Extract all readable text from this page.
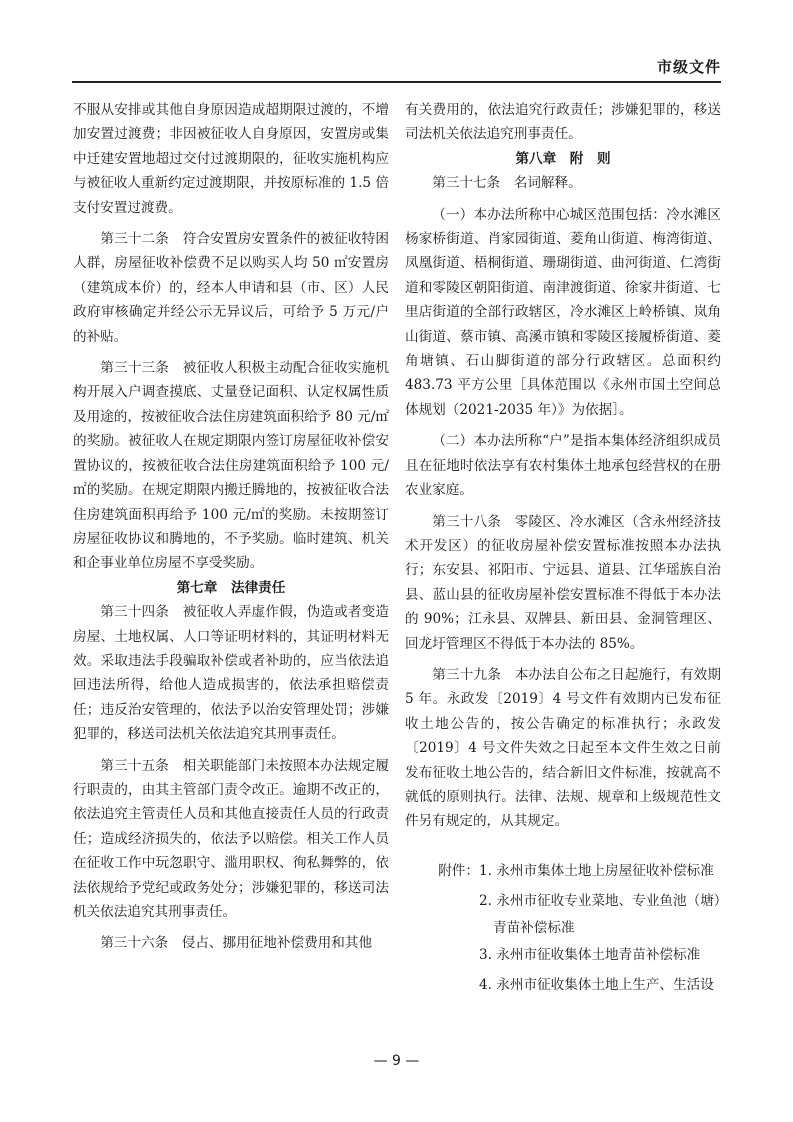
市级文件

不服从安排或其他自身原因造成超期限过渡的，不增加安置过渡费；非因被征收人自身原因，安置房或集中迁建安置地超过交付过渡期限的，征收实施机构应与被征收人重新约定过渡期限，并按原标准的 1.5 倍支付安置过渡费。

第三十二条　符合安置房安置条件的被征收特困人群，房屋征收补偿费不足以购买人均 50 ㎡安置房（建筑成本价）的，经本人申请和县（市、区）人民政府审核确定并经公示无异议后，可给予 5 万元/户的补贴。

第三十三条　被征收人积极主动配合征收实施机构开展入户调查摸底、丈量登记面积、认定权属性质及用途的，按被征收合法住房建筑面积给予 80 元/㎡的奖励。被征收人在规定期限内签订房屋征收补偿安置协议的，按被征收合法住房建筑面积给予 100 元/㎡的奖励。在规定期限内搬迁腾地的，按被征收合法住房建筑面积再给予 100 元/㎡的奖励。未按期签订房屋征收协议和腾地的，不予奖励。临时建筑、机关和企事业单位房屋不享受奖励。

第七章　法律责任

第三十四条　被征收人弄虚作假，伪造或者变造房屋、土地权属、人口等证明材料的，其证明材料无效。采取违法手段骗取补偿或者补助的，应当依法追回违法所得，给他人造成损害的，依法承担赔偿责任；违反治安管理的，依法予以治安管理处罚；涉嫌犯罪的，移送司法机关依法追究其刑事责任。

第三十五条　相关职能部门未按照本办法规定履行职责的，由其主管部门责令改正。逾期不改正的，依法追究主管责任人员和其他直接责任人员的行政责任；造成经济损失的，依法予以赔偿。相关工作人员在征收工作中玩忽职守、滥用职权、徇私舞弊的，依法依规给予党纪或政务处分；涉嫌犯罪的，移送司法机关依法追究其刑事责任。

第三十六条　侵占、挪用征地补偿费用和其他

有关费用的，依法追究行政责任；涉嫌犯罪的，移送司法机关依法追究刑事责任。

第八章　附　则

第三十七条　名词解释。

（一）本办法所称中心城区范围包括：冷水滩区杨家桥街道、肖家园街道、菱角山街道、梅湾街道、凤凰街道、梧桐街道、珊瑚街道、曲河街道、仁湾街道和零陵区朝阳街道、南津渡街道、徐家井街道、七里店街道的全部行政辖区，冷水滩区上岭桥镇、岚角山街道、蔡市镇、高溪市镇和零陵区接履桥街道、菱角塘镇、石山脚街道的部分行政辖区。总面积约 483.73 平方公里［具体范围以《永州市国土空间总体规划（2021-2035 年）》为依据］。

（二）本办法所称“户”是指本集体经济组织成员且在征地时依法享有农村集体土地承包经营权的在册农业家庭。

第三十八条　零陵区、冷水滩区（含永州经济技术开发区）的征收房屋补偿安置标准按照本办法执行；东安县、祁阳市、宁远县、道县、江华瑶族自治县、蓝山县的征收房屋补偿安置标准不得低于本办法的 90%；江永县、双牌县、新田县、金洞管理区、回龙圩管理区不得低于本办法的 85%。

第三十九条　本办法自公布之日起施行，有效期 5 年。永政发〔2019〕4 号文件有效期内已发布征收土地公告的，按公告确定的标准执行；永政发〔2019〕4 号文件失效之日起至本文件生效之日前发布征收土地公告的，结合新旧文件标准，按就高不就低的原则执行。法律、法规、规章和上级规范性文件另有规定的，从其规定。

附件： 1. 永州市集体土地上房屋征收补偿标准
2. 永州市征收专业菜地、专业鱼池（塘）
青苗补偿标准
3. 永州市征收集体土地青苗补偿标准
4. 永州市征收集体土地上生产、生活设
— 9 —
